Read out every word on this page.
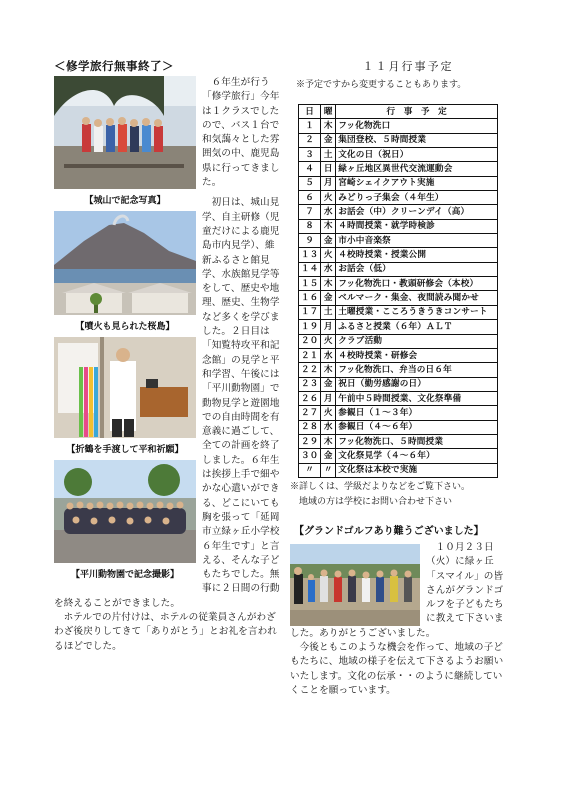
＜修学旅行無事終了＞
【城山で記念写真】
【噴火も見られた桜島】
【折鶴を手渡して平和祈願】
【平川動物園で記念撮影】
６年生が行う「修学旅行」今年は１クラスでしたので、バス１台で和気藹々とした雰囲気の中、鹿児島県に行ってきました。
初日は、城山見学、自主研修（児童だけによる鹿児島市内見学）、維新ふるさと館見学、水族館見学等をして、歴史や地理、歴史、生物学など多くを学びました。２日目は「知覧特攻平和記念館」の見学と平和学習、午後には「平川動物園」で動物見学と遊園地での自由時間を有意義に過ごして、全ての計画を終了しました。６年生は挨拶上手で細やかな心遣いができる、どこにいても胸を張って「延岡市立緑ヶ丘小学校６年生です」と言える、そんな子どもたちでした。無事に２日間の行動を終えることができました。
ホテルでの片付けは、ホテルの従業員さんがわざわざ後戻りしてきて「ありがとう」とお礼を言われるほどでした。
１１月行事予定
※予定ですから変更することもあります。
日	曜	行　事　予　定
１	木	フッ化物洗口
２	金	集団登校、５時間授業
３	土	文化の日（祝日）
４	日	緑ヶ丘地区異世代交流運動会
５	月	宮崎シェイクアウト実施
６	火	みどりっ子集会（４年生）
７	水	お話会（中）クリーンデイ（高）
８	木	４時間授業・就学時検診
９	金	市小中音楽祭
１３	火	４校時授業・授業公開
１４	水	お話会（低）
１５	木	フッ化物洗口・教頭研修会（本校）
１６	金	ベルマーク・集金、夜間読み聞かせ
１７	土	土曜授業・こころうきうきコンサート
１９	月	ふるさと授業（６年）ＡＬＴ
２０	火	クラブ活動
２１	水	４校時授業・研修会
２２	木	フッ化物洗口、弁当の日６年
２３	金	祝日（勤労感謝の日）
２６	月	午前中５時間授業、文化祭準備
２７	火	参観日（１～３年）
２８	水	参観日（４～６年）
２９	木	フッ化物洗口、５時間授業
３０	金	文化祭見学（４～６年）
〃	〃	文化祭は本校で実施
※詳しくは、学級だよりなどをご覧下さい。
地域の方は学校にお問い合わせ下さい
【グランドゴルフあり難うございました】
１０月２３日（火）に緑ヶ丘「スマイル」の皆さんがグランドゴルフを子どもたちに教えて下さいました。ありがとうございました。
今後ともこのような機会を作って、地域の子どもたちに、地域の様子を伝えて下さるようお願いいたします。文化の伝承・・のように継続していくことを願っています。
